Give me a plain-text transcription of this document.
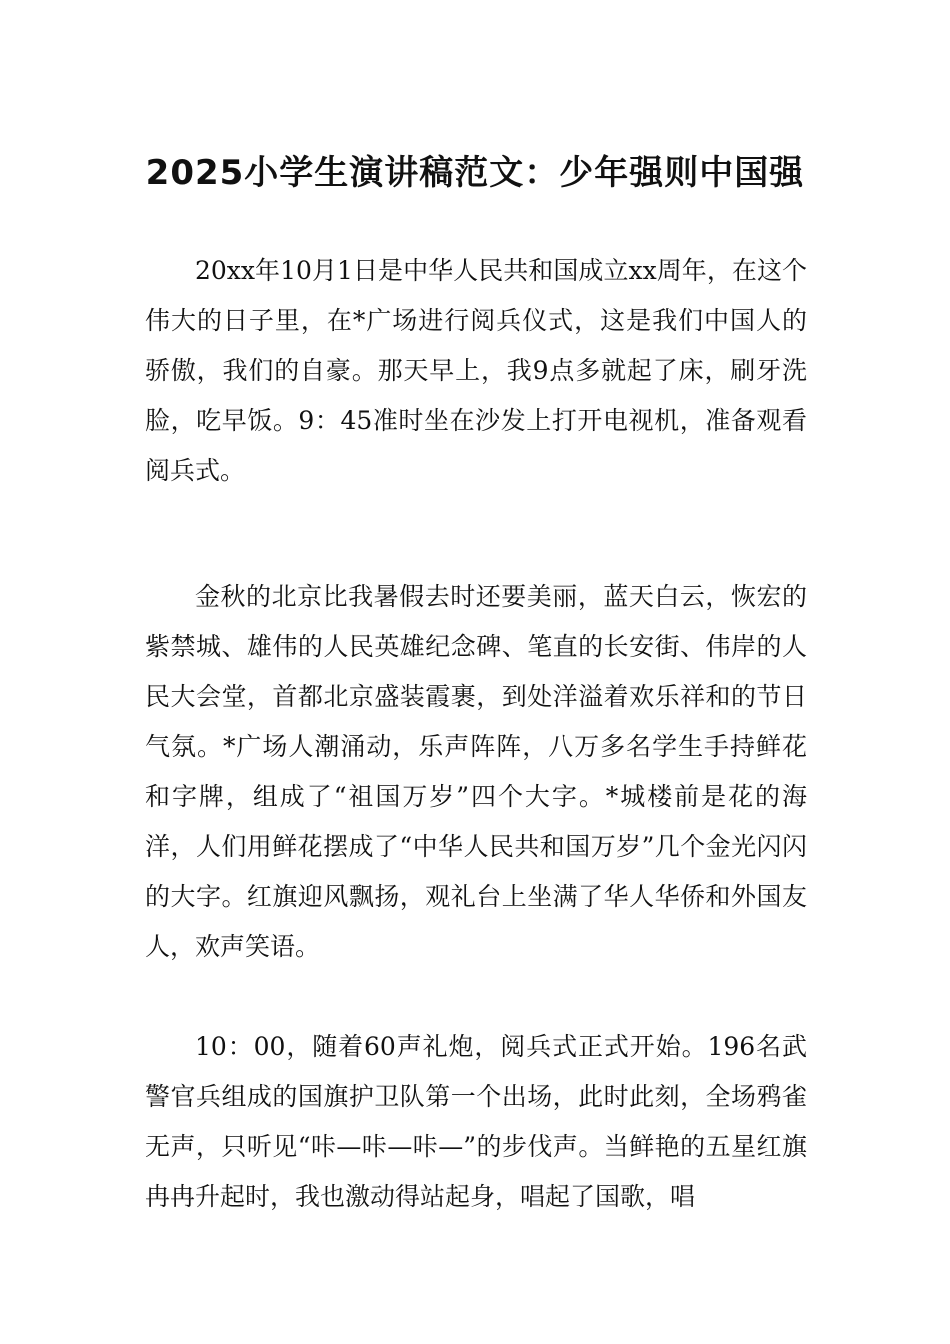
2025小学生演讲稿范文：少年强则中国强

20xx年10月1日是中华人民共和国成立xx周年，在这个伟大的日子里，在*广场进行阅兵仪式，这是我们中国人的骄傲，我们的自豪。那天早上，我9点多就起了床，刷牙洗脸，吃早饭。9：45准时坐在沙发上打开电视机，准备观看阅兵式。

金秋的北京比我暑假去时还要美丽，蓝天白云，恢宏的紫禁城、雄伟的人民英雄纪念碑、笔直的长安街、伟岸的人民大会堂，首都北京盛装霞裹，到处洋溢着欢乐祥和的节日气氛。*广场人潮涌动，乐声阵阵，八万多名学生手持鲜花和字牌，组成了“祖国万岁”四个大字。*城楼前是花的海洋，人们用鲜花摆成了“中华人民共和国万岁”几个金光闪闪的大字。红旗迎风飘扬，观礼台上坐满了华人华侨和外国友人，欢声笑语。

10：00，随着60声礼炮，阅兵式正式开始。196名武警官兵组成的国旗护卫队第一个出场，此时此刻，全场鸦雀无声，只听见“咔—咔—咔—”的步伐声。当鲜艳的五星红旗冉冉升起时，我也激动得站起身，唱起了国歌，唱
